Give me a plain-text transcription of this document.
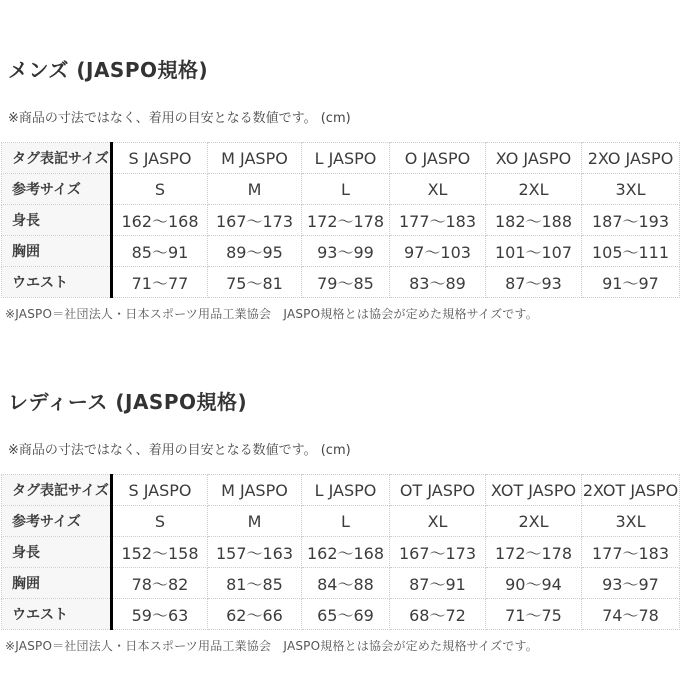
メンズ (JASPO規格)

※商品の寸法ではなく、着用の目安となる数値です。 (cm)

タグ表記サイズ	S JASPO	M JASPO	L JASPO	O JASPO	XO JASPO	2XO JASPO
参考サイズ	S	M	L	XL	2XL	3XL
身長	162〜168	167〜173	172〜178	177〜183	182〜188	187〜193
胸囲	85〜91	89〜95	93〜99	97〜103	101〜107	105〜111
ウエスト	71〜77	75〜81	79〜85	83〜89	87〜93	91〜97

※JASPO＝社団法人・日本スポーツ用品工業協会　JASPO規格とは協会が定めた規格サイズです。

レディース (JASPO規格)

※商品の寸法ではなく、着用の目安となる数値です。 (cm)

タグ表記サイズ	S JASPO	M JASPO	L JASPO	OT JASPO	XOT JASPO	2XOT JASPO
参考サイズ	S	M	L	XL	2XL	3XL
身長	152〜158	157〜163	162〜168	167〜173	172〜178	177〜183
胸囲	78〜82	81〜85	84〜88	87〜91	90〜94	93〜97
ウエスト	59〜63	62〜66	65〜69	68〜72	71〜75	74〜78

※JASPO＝社団法人・日本スポーツ用品工業協会　JASPO規格とは協会が定めた規格サイズです。
